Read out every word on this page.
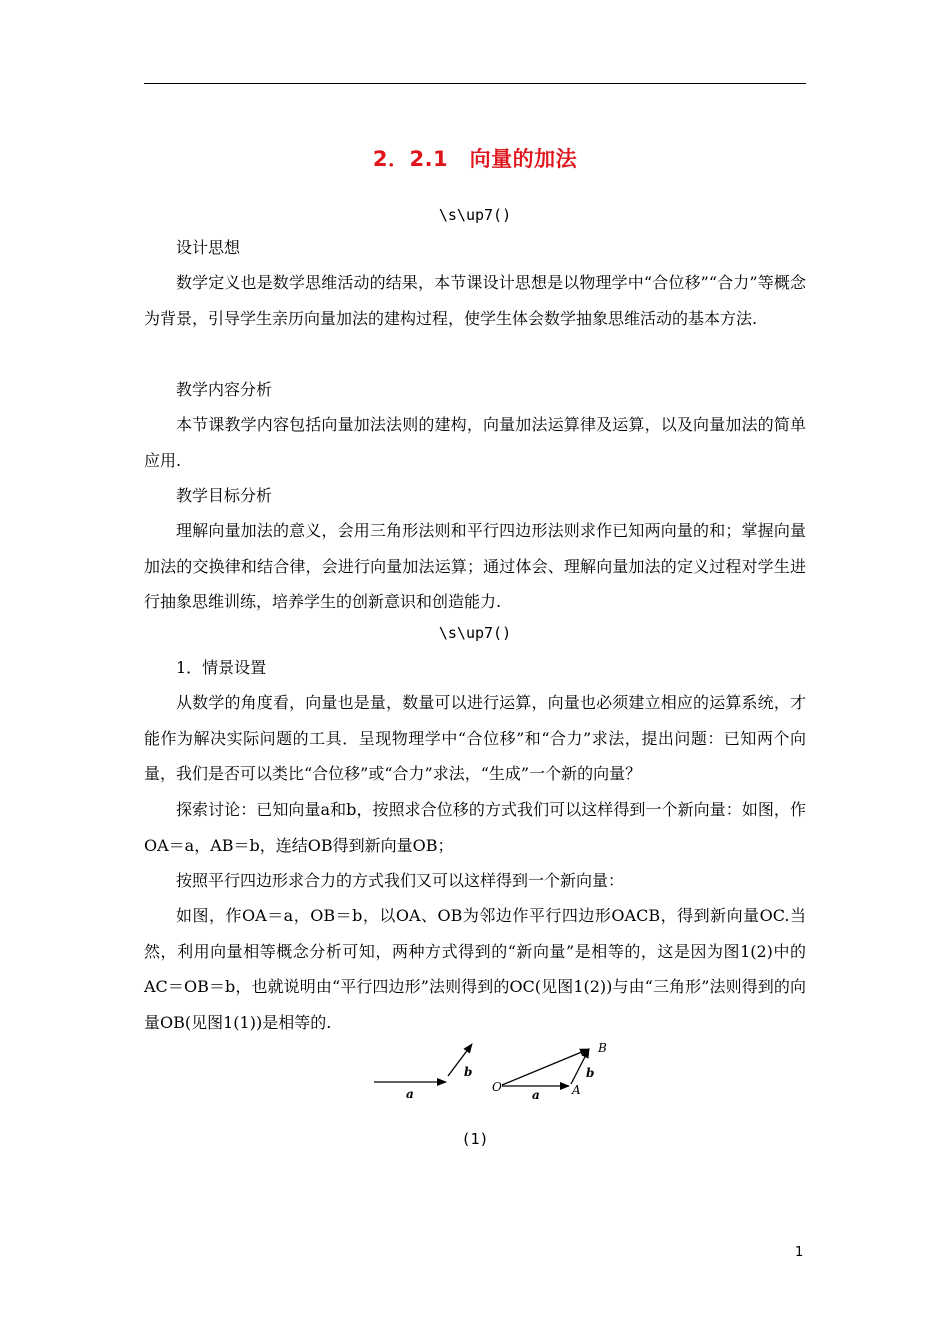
2．2.1　向量的加法
\s\up7()
设计思想
数学定义也是数学思维活动的结果，本节课设计思想是以物理学中“合位移”“合力”等概念为背景，引导学生亲历向量加法的建构过程，使学生体会数学抽象思维活动的基本方法.
教学内容分析
本节课教学内容包括向量加法法则的建构，向量加法运算律及运算，以及向量加法的简单应用.
教学目标分析
理解向量加法的意义，会用三角形法则和平行四边形法则求作已知两向量的和；掌握向量加法的交换律和结合律，会进行向量加法运算；通过体会、理解向量加法的定义过程对学生进行抽象思维训练，培养学生的创新意识和创造能力.
\s\up7()
1．情景设置
从数学的角度看，向量也是量，数量可以进行运算，向量也必须建立相应的运算系统，才能作为解决实际问题的工具．呈现物理学中“合位移”和“合力”求法，提出问题：已知两个向量，我们是否可以类比“合位移”或“合力”求法，“生成”一个新的向量？
探索讨论：已知向量a和b，按照求合位移的方式我们可以这样得到一个新向量：如图，作OA＝a，AB＝b，连结OB得到新向量OB；
按照平行四边形求合力的方式我们又可以这样得到一个新向量：
如图，作OA＝a，OB＝b，以OA、OB为邻边作平行四边形OACB，得到新向量OC.当然，利用向量相等概念分析可知，两种方式得到的“新向量”是相等的，这是因为图1(2)中的AC＝OB＝b，也就说明由“平行四边形”法则得到的OC(见图1(2))与由“三角形”法则得到的向量OB(见图1(1))是相等的.
a
b
O
a	A
b
B
(1)
1
